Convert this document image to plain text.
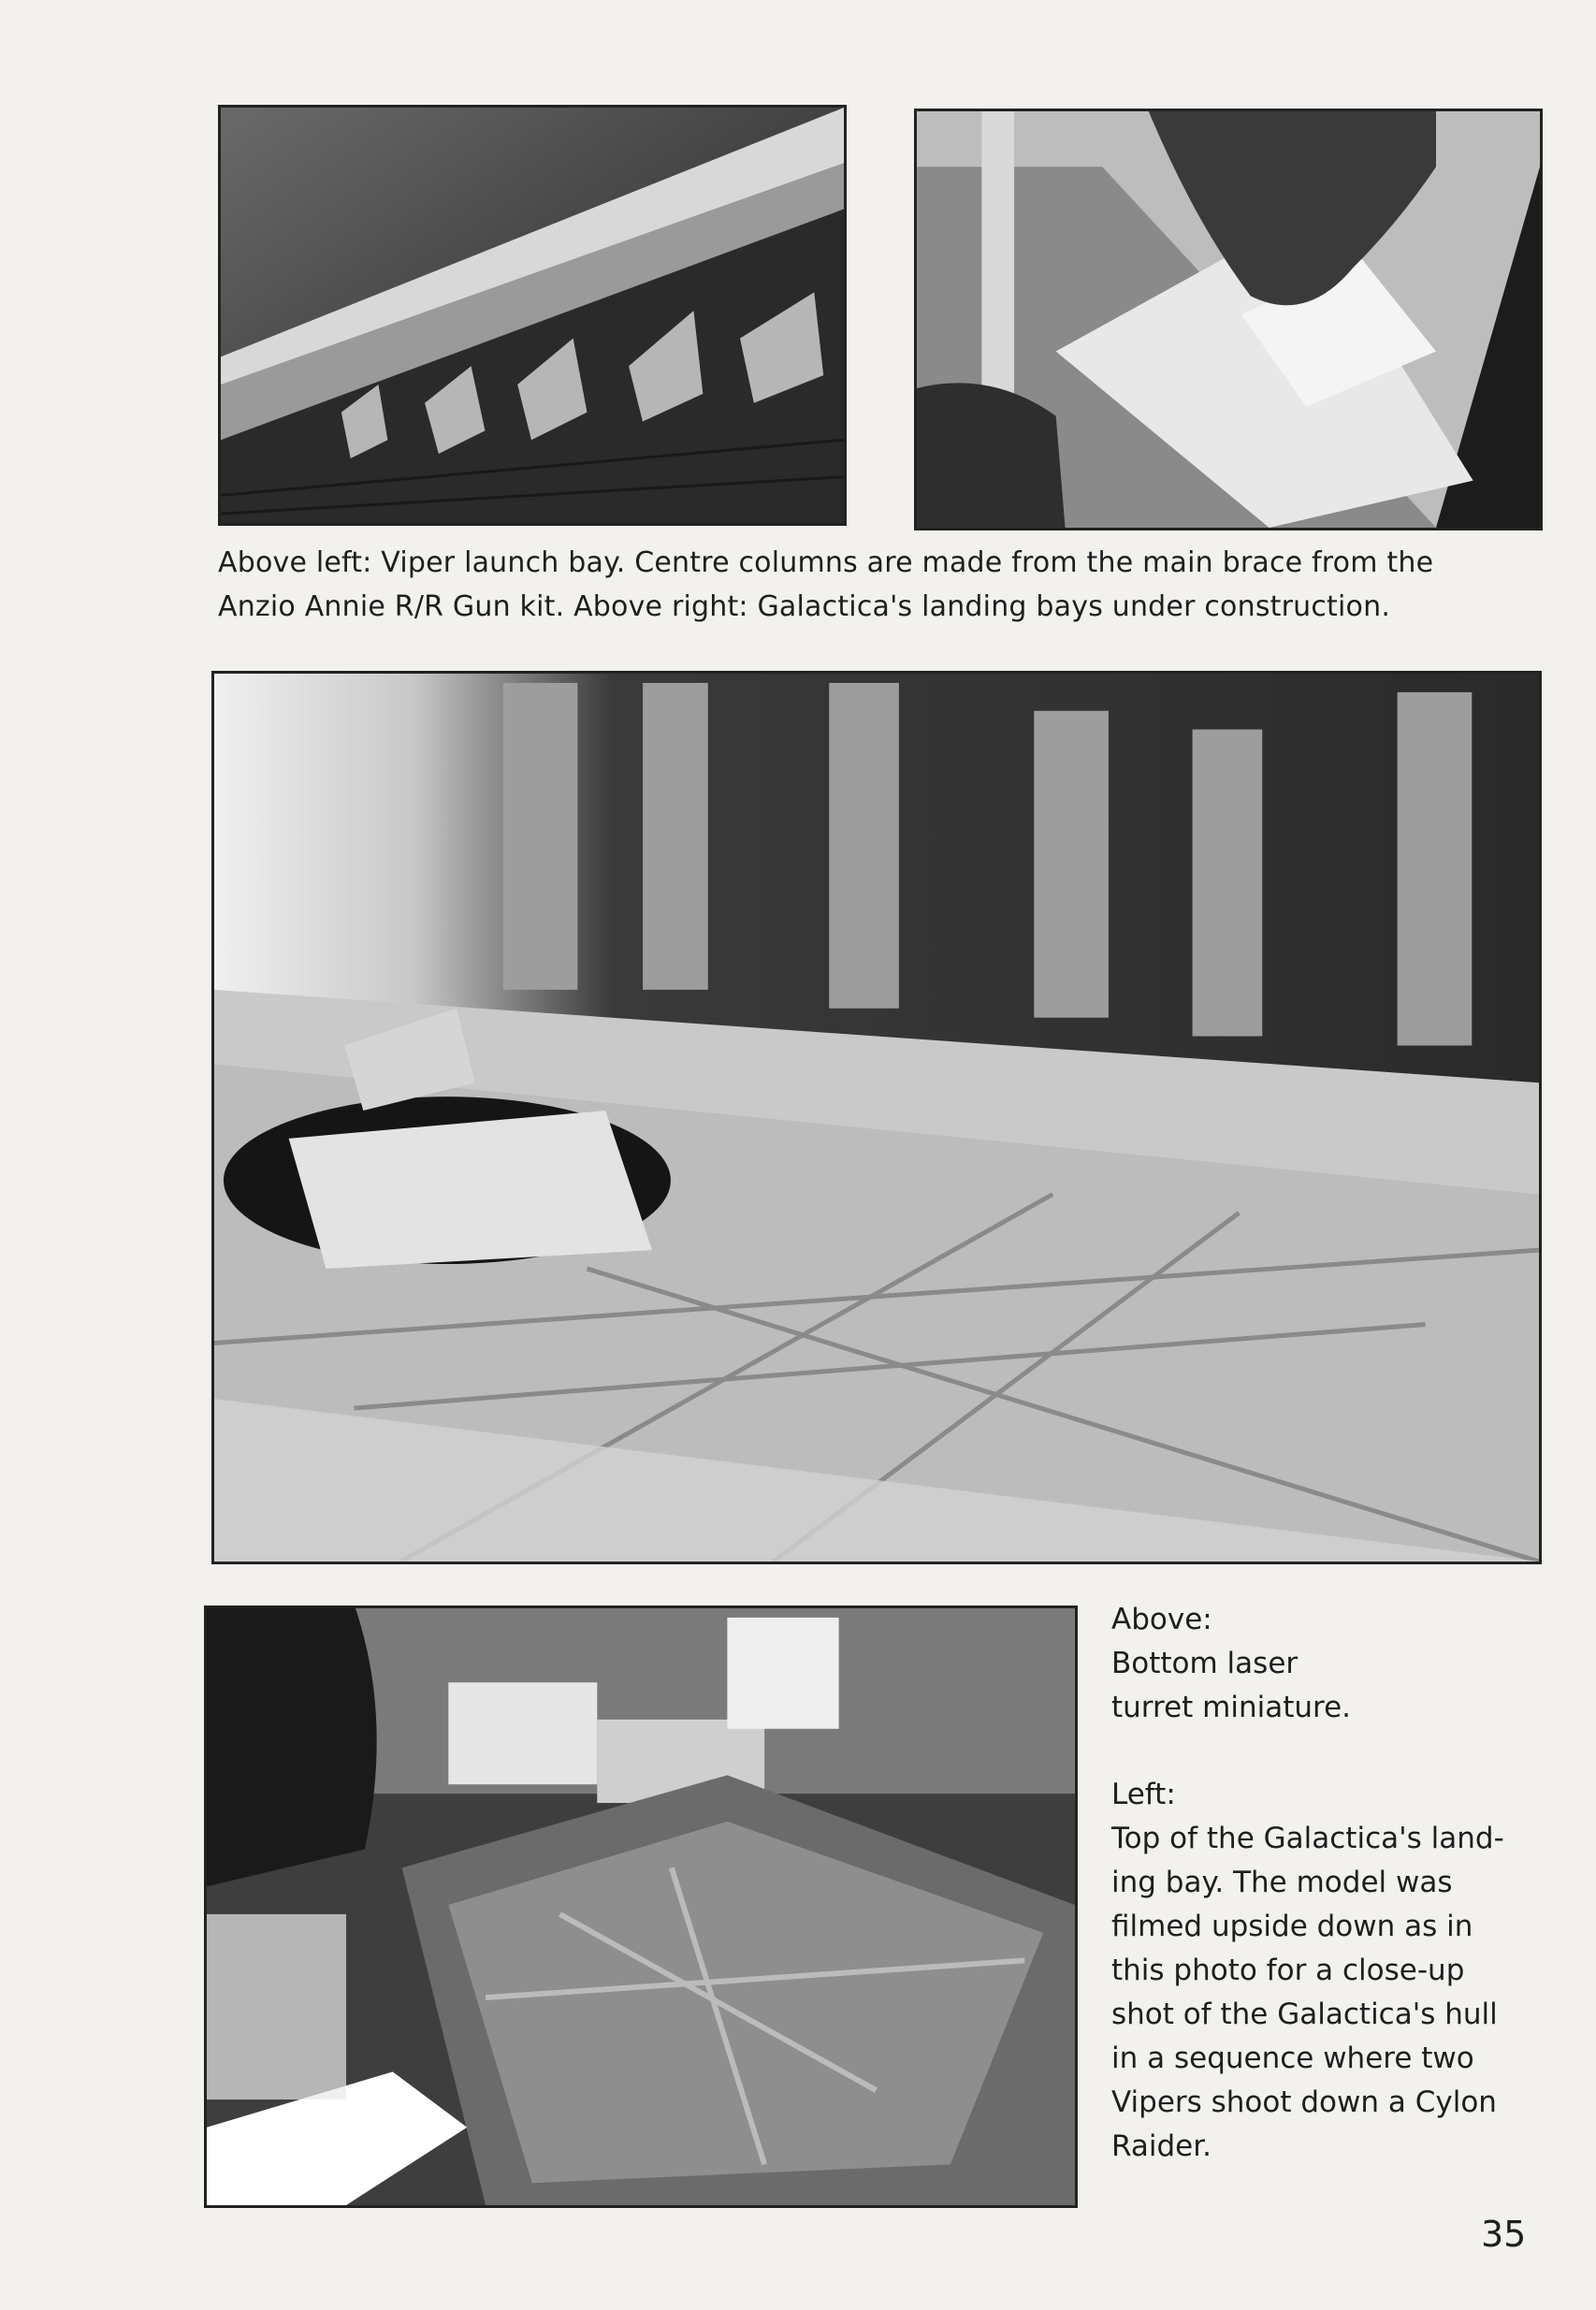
Above left: Viper launch bay. Centre columns are made from the main brace from the

Anzio Annie R/R Gun kit. Above right: Galactica's landing bays under construction.

Above:

Bottom laser

turret miniature.

Left:

Top of the Galactica's land-

ing bay. The model was

filmed upside down as in

this photo for a close-up

shot of the Galactica's hull

in a sequence where two

Vipers shoot down a Cylon

Raider.

35
